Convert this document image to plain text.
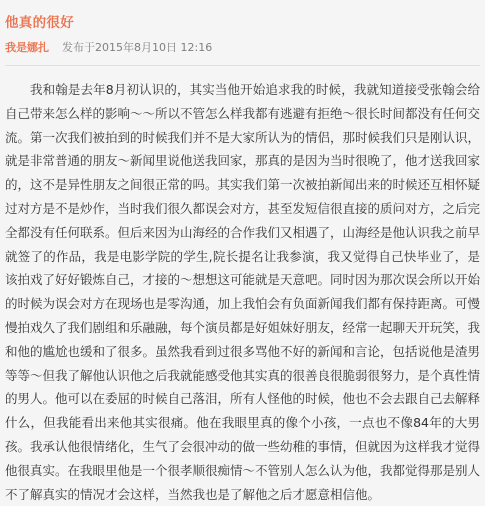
他真的很好
我是娜扎 发布于2015年8月10日 12:16

我和翰是去年8月初认识的，其实当他开始追求我的时候，我就知道接受张翰会给自己带来怎么样的影响～～所以不管怎么样我都有逃避有拒绝～很长时间都没有任何交流。第一次我们被拍到的时候我们并不是大家所认为的情侣，那时候我们只是刚认识，就是非常普通的朋友～新闻里说他送我回家，那真的是因为当时很晚了，他才送我回家的，这不是异性朋友之间很正常的吗。其实我们第一次被拍新闻出来的时候还互相怀疑过对方是不是炒作，当时我们很久都误会对方，甚至发短信很直接的质问对方，之后完全都没有任何联系。但后来因为山海经的合作我们又相遇了，山海经是他认识我之前早就签了的作品，我是电影学院的学生,院长提名让我参演，我又觉得自己快毕业了，是该拍戏了好好锻炼自己，才接的～想想这可能就是天意吧。同时因为那次误会所以开始的时候为误会对方在现场也是零沟通，加上我怕会有负面新闻我们都有保持距离。可慢慢拍戏久了我们剧组和乐融融，每个演员都是好姐妹好朋友，经常一起聊天开玩笑，我和他的尴尬也缓和了很多。虽然我看到过很多骂他不好的新闻和言论，包括说他是渣男等等～但我了解他认识他之后我就能感受他其实真的很善良很脆弱很努力，是个真性情的男人。他可以在委屈的时候自己落泪，所有人怪他的时候，他也不会去跟自己去解释什么，但我能看出来他其实很痛。他在我眼里真的像个小孩，一点也不像84年的大男孩。我承认他很情绪化，生气了会很冲动的做一些幼稚的事情，但就因为这样我才觉得他很真实。在我眼里他是一个很孝顺很痴情～不管别人怎么认为他，我都觉得那是别人不了解真实的情况才会这样，当然我也是了解他之后才愿意相信他。
